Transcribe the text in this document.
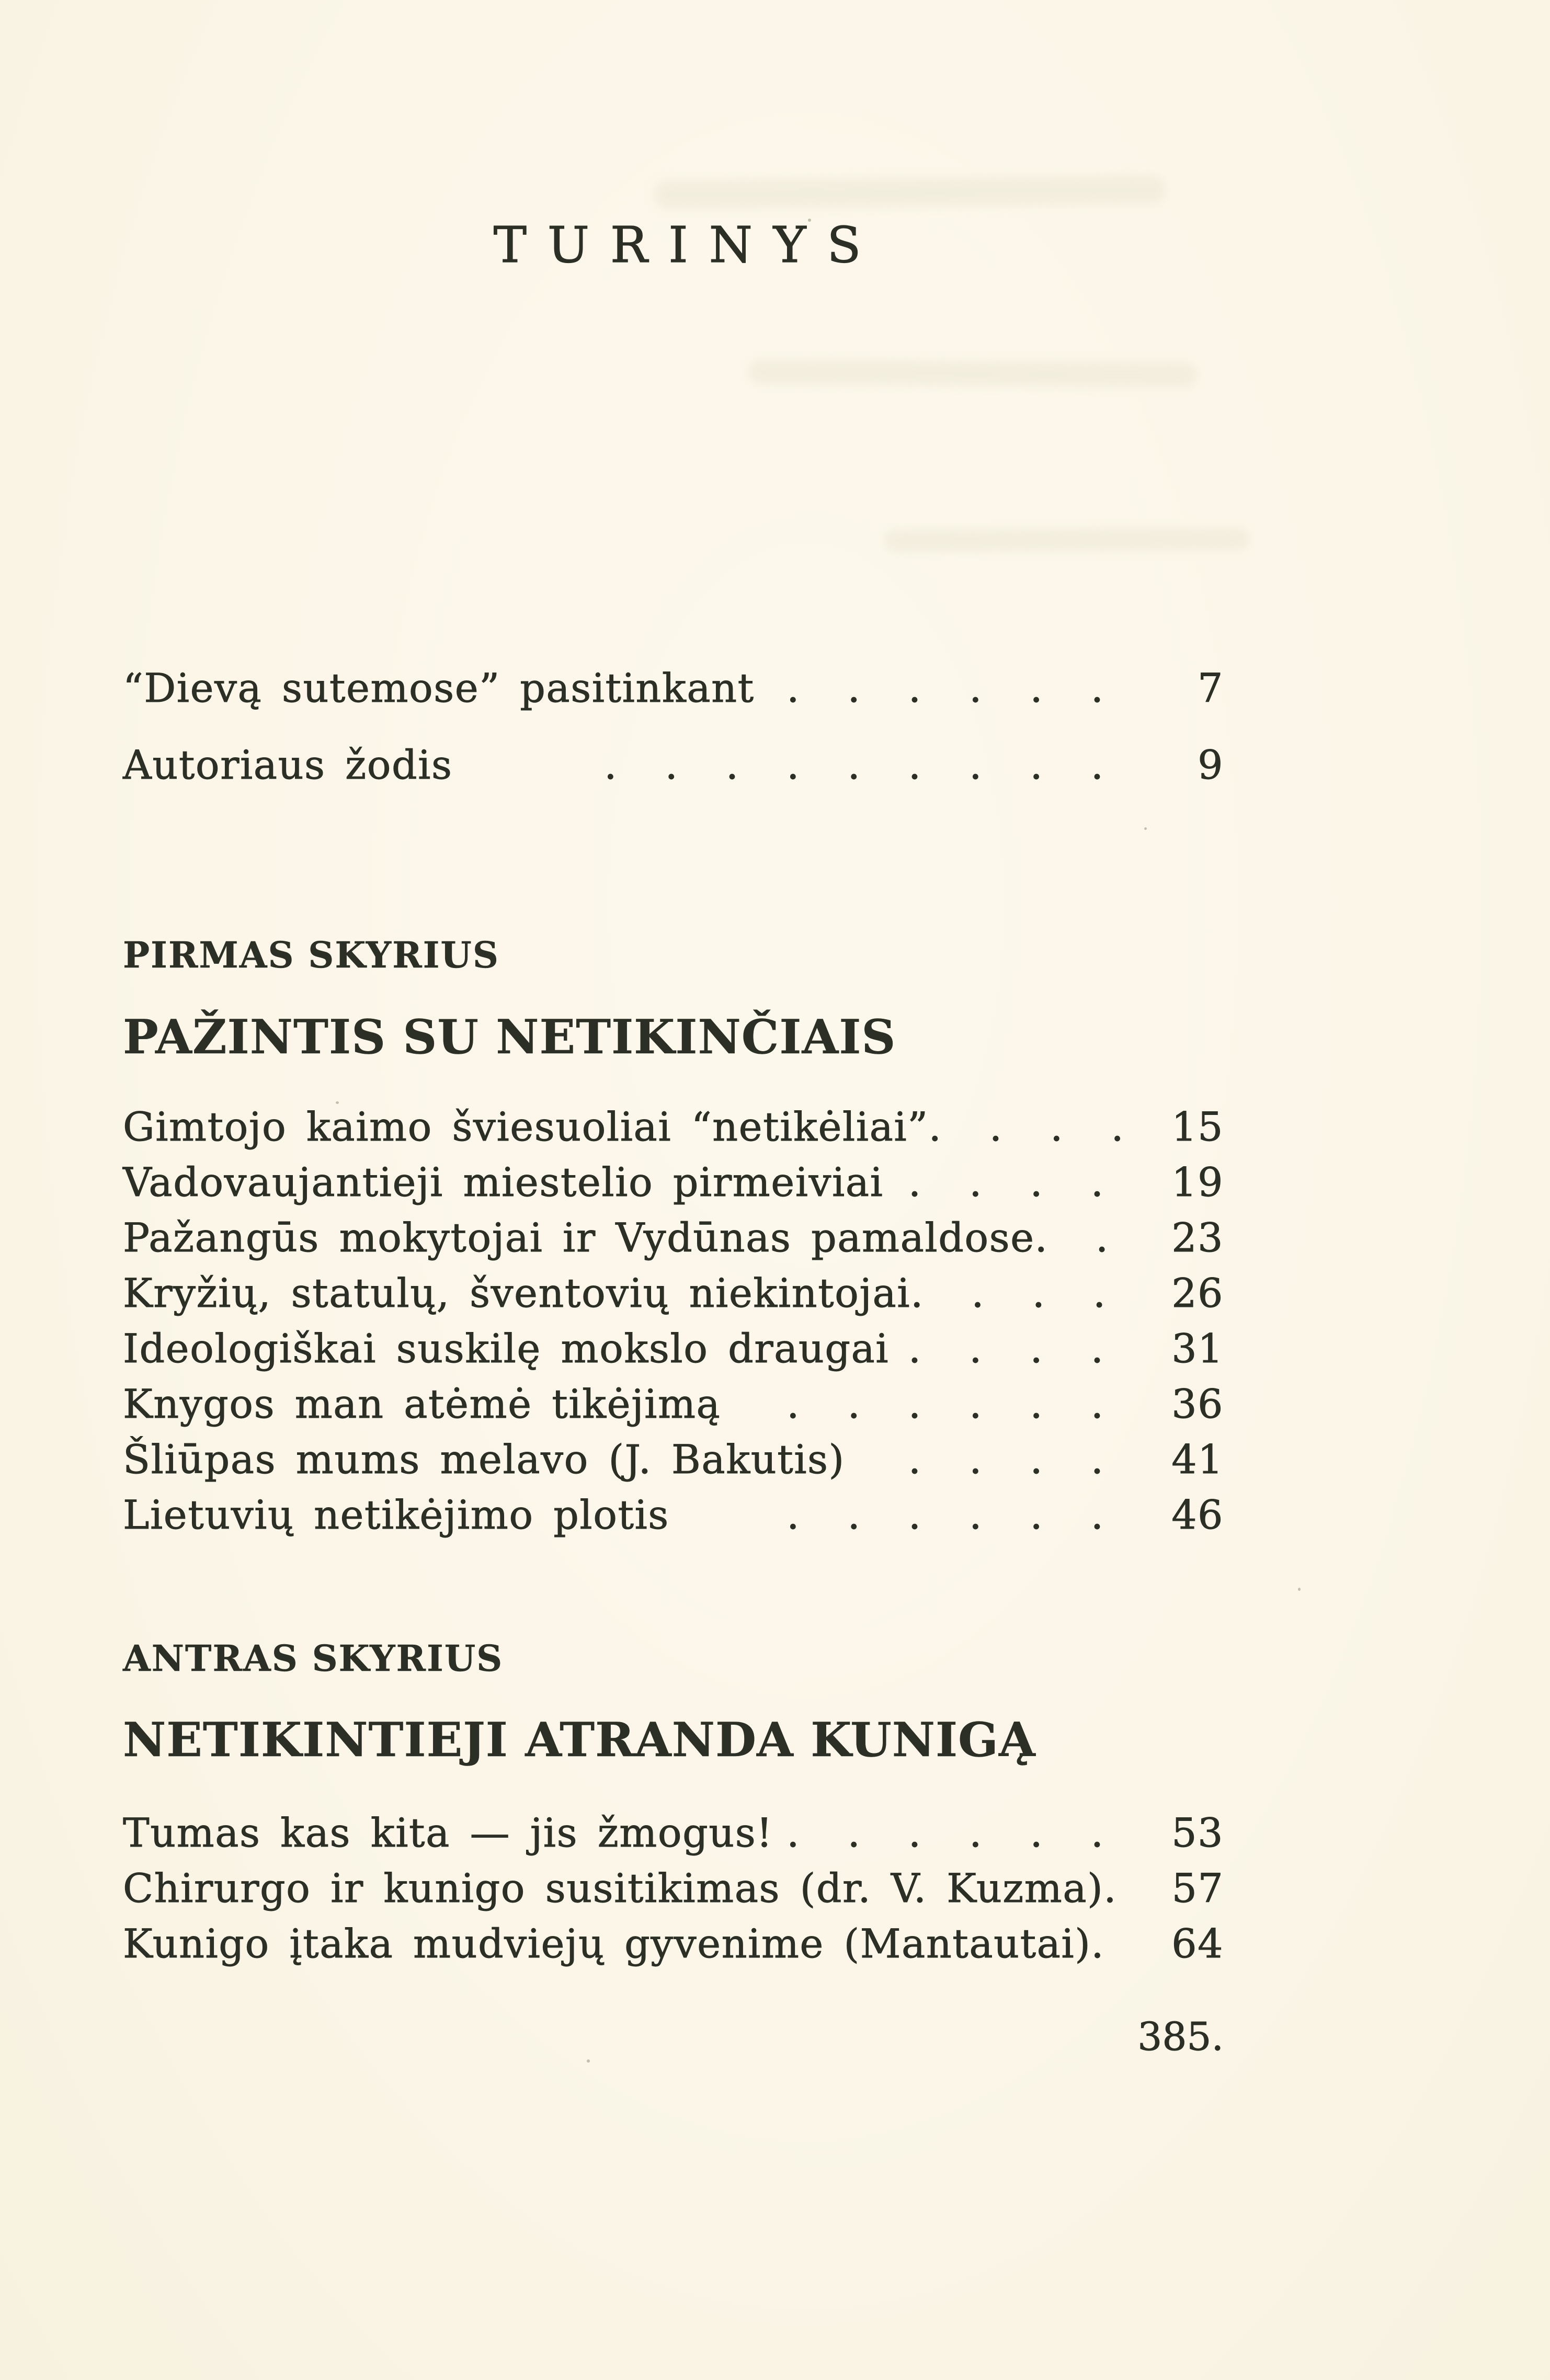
TURINYS
“Dievą sutemose” pasitinkant . . . . . .	7
Autoriaus žodis	. . . . . . . . .	9
PIRMAS SKYRIUS
PAŽINTIS SU NETIKINČIAIS
Gimtojo kaimo šviesuoliai “netikėliai” . . . .	15
Vadovaujantieji miestelio pirmeiviai . . . .	19
Pažangūs mokytojai ir Vydūnas pamaldose . .	23
Kryžių, statulų, šventovių niekintojai . . . .	26
Ideologiškai suskilę mokslo draugai . . . .	31
Knygos man atėmė tikėjimą	. . . . . .	36
Šliūpas mums melavo (J. Bakutis)	. . . .	41
Lietuvių netikėjimo plotis	. . . . . .	46
ANTRAS SKYRIUS
NETIKINTIEJI ATRANDA KUNIGĄ
Tumas kas kita — jis žmogus! . . . . . .	53
Chirurgo ir kunigo susitikimas (dr. V. Kuzma) .	57
Kunigo įtaka mudviejų gyvenime (Mantautai) .	64
385.
